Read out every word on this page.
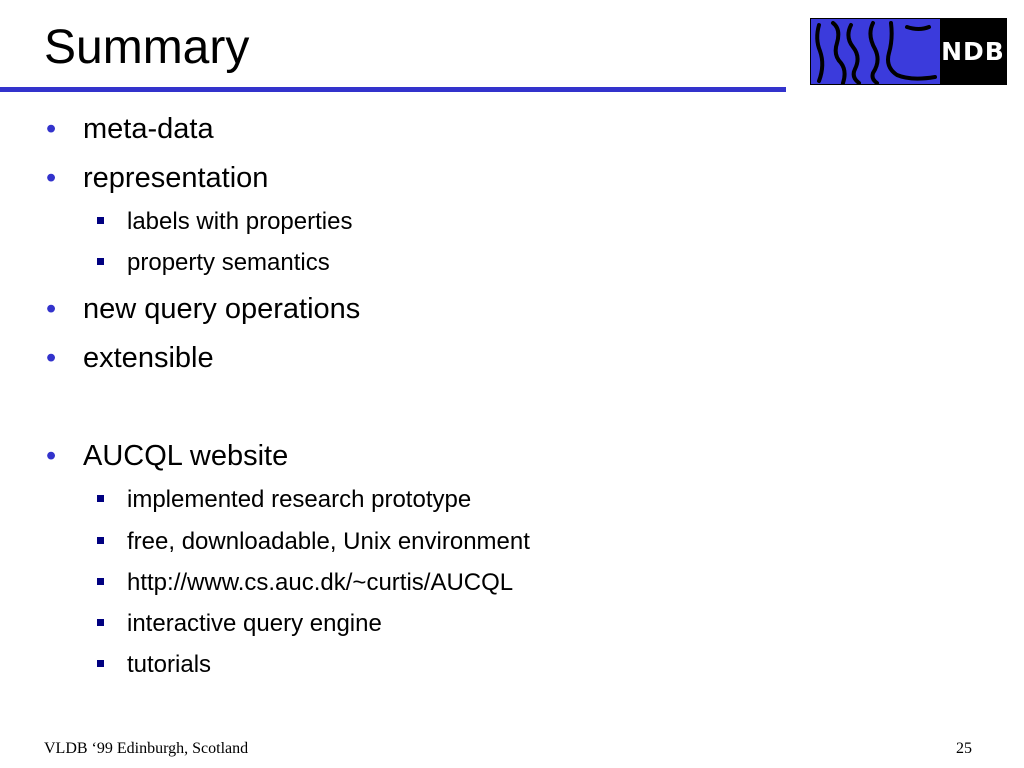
Summary	NDB
• meta-data
• representation
labels with properties
property semantics
• new query operations
• extensible
• AUCQL website
implemented research prototype
free, downloadable, Unix environment
http://www.cs.auc.dk/~curtis/AUCQL
interactive query engine
tutorials
VLDB ‘99 Edinburgh, Scotland	25
